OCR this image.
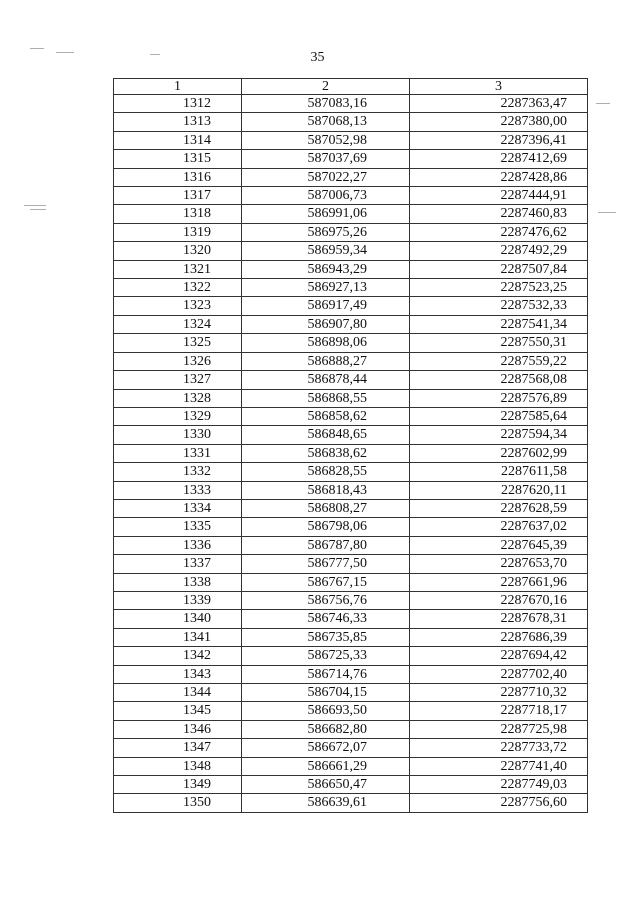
35
1	2	3
1312	587083,16	2287363,47
1313	587068,13	2287380,00
1314	587052,98	2287396,41
1315	587037,69	2287412,69
1316	587022,27	2287428,86
1317	587006,73	2287444,91
1318	586991,06	2287460,83
1319	586975,26	2287476,62
1320	586959,34	2287492,29
1321	586943,29	2287507,84
1322	586927,13	2287523,25
1323	586917,49	2287532,33
1324	586907,80	2287541,34
1325	586898,06	2287550,31
1326	586888,27	2287559,22
1327	586878,44	2287568,08
1328	586868,55	2287576,89
1329	586858,62	2287585,64
1330	586848,65	2287594,34
1331	586838,62	2287602,99
1332	586828,55	2287611,58
1333	586818,43	2287620,11
1334	586808,27	2287628,59
1335	586798,06	2287637,02
1336	586787,80	2287645,39
1337	586777,50	2287653,70
1338	586767,15	2287661,96
1339	586756,76	2287670,16
1340	586746,33	2287678,31
1341	586735,85	2287686,39
1342	586725,33	2287694,42
1343	586714,76	2287702,40
1344	586704,15	2287710,32
1345	586693,50	2287718,17
1346	586682,80	2287725,98
1347	586672,07	2287733,72
1348	586661,29	2287741,40
1349	586650,47	2287749,03
1350	586639,61	2287756,60
